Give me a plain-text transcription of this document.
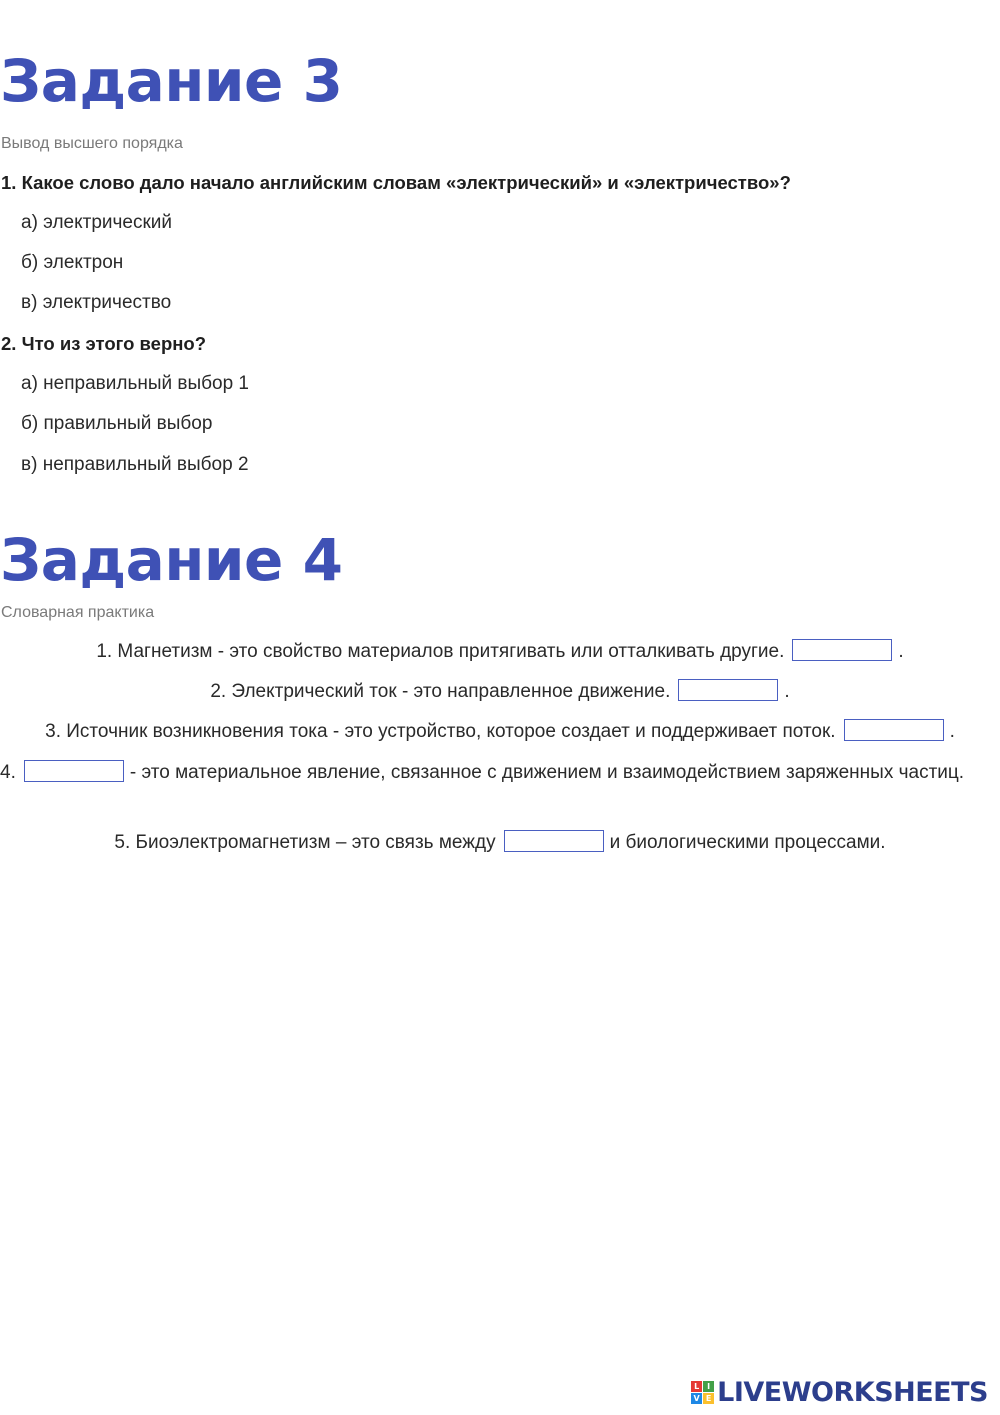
Задание 3

Вывод высшего порядка

1. Какое слово дало начало английским словам «электрический» и «электричество»?

а) электрический

б) электрон

в) электричество

2. Что из этого верно?

а) неправильный выбор 1

б) правильный выбор

в) неправильный выбор 2

Задание 4

Словарная практика

1. Магнетизм - это свойство материалов притягивать или отталкивать другие.	.

2. Электрический ток - это направленное движение.	.

3. Источник возникновения тока - это устройство, которое создает и поддерживает поток.	.

4.	- это материальное явление, связанное с движением и взаимодействием заряженных частиц.

5. Биоэлектромагнетизм – это связь между	и биологическими процессами.

L I
V E LIVEWORKSHEETS
